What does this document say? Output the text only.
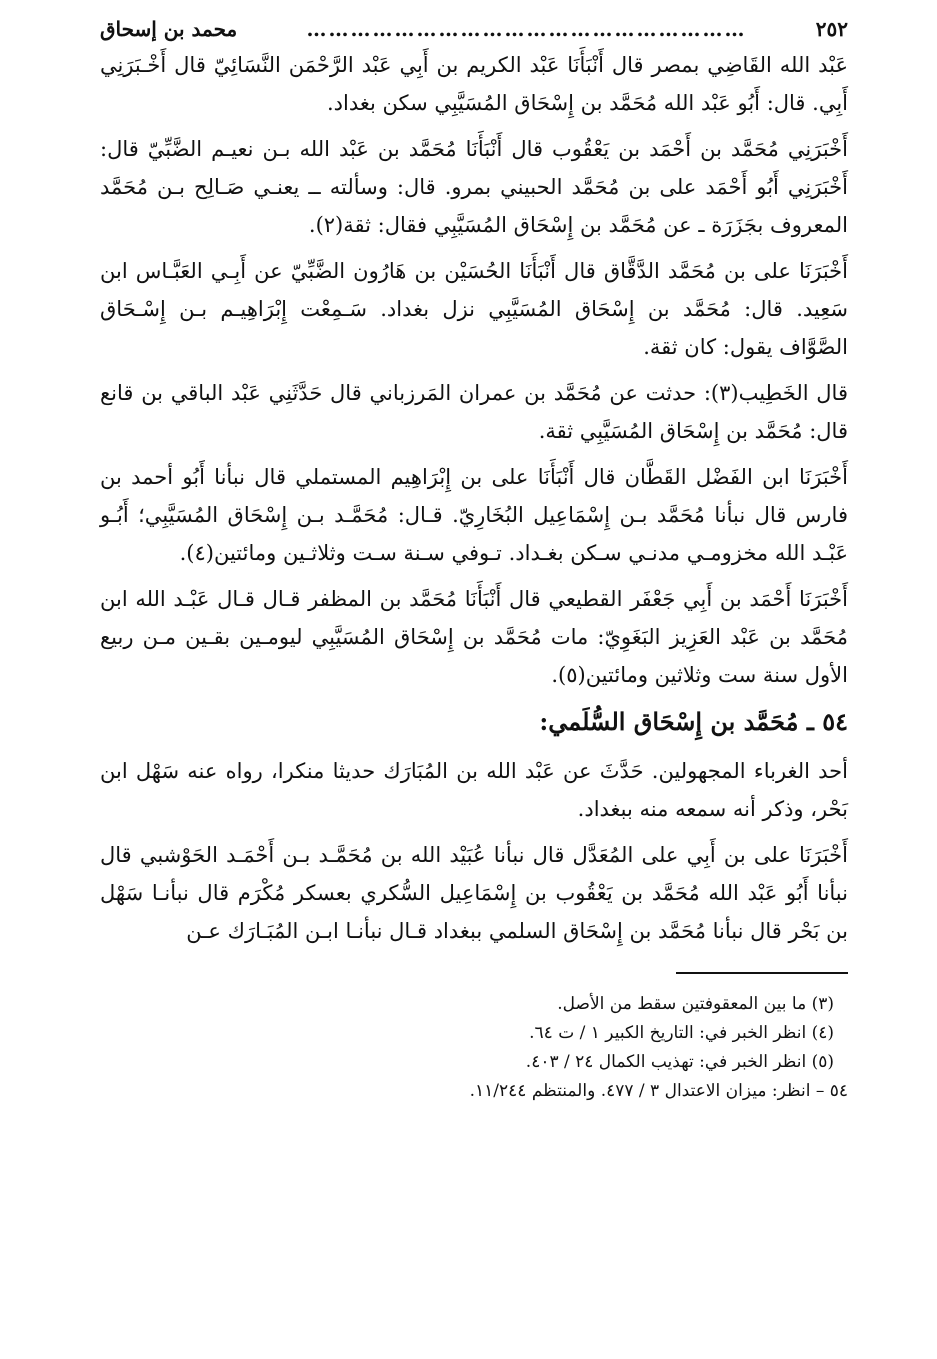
٢٥٢
……………………………………………………
محمد بن إسحاق

عَبْد الله القَاضِي بمصر قال أَنْبَأَنَا عَبْد الكريم بن أَبِي عَبْد الرَّحْمَن النَّسَائِيّ قال أَخْـبَرَنِي أَبِي. قال: أَبُو عَبْد الله مُحَمَّد بن إِسْحَاق المُسَيَّبِي سكن بغداد.

أَخْبَرَنِي مُحَمَّد بن أَحْمَد بن يَعْقُوب قال أَنْبَأَنَا مُحَمَّد بن عَبْد الله بـن نعيـم الضَّبِّيّ قال: أَخْبَرَنِي أَبُو أَحْمَد على بن مُحَمَّد الحبيني بمرو. قال: وسألته ــ يعنـي صَـالِح بـن مُحَمَّد المعروف بجَزَرَة ـ عن مُحَمَّد بن إِسْحَاق المُسَيَّبِي فقال: ثقة(٢).

أَخْبَرَنَا على بن مُحَمَّد الدَّقَّاق قال أَنْبَأَنَا الحُسَيْن بن هَارُون الضَّبِّيّ عن أَبِـي العَبَّـاس ابن سَعِيد. قال: مُحَمَّد بن إِسْحَاق المُسَيَّبِي نزل بغداد. سَـمِعْت إِبْرَاهِيـم بـن إِسْـحَاق الصَّوَّاف يقول: كان ثقة.

قال الخَطِيب(٣): حدثت عن مُحَمَّد بن عمران المَرزباني قال حَدَّثَنِي عَبْد الباقي بن قانع قال: مُحَمَّد بن إِسْحَاق المُسَيَّبِي ثقة.

أَخْبَرَنَا ابن الفَضْل القَطَّان قال أَنْبَأَنَا على بن إِبْرَاهِيم المستملي قال نبأنا أَبُو أحمد بن فارس قال نبأنا مُحَمَّد بـن إِسْمَاعِيل البُخَارِيّ. قـال: مُحَمَّـد بـن إِسْحَاق المُسَيَّبِي؛ أَبُـو عَبْـد الله مخزومـي مدنـي سـكن بغـداد. تـوفي سـنة سـت وثلاثـين ومائتين(٤).

أَخْبَرَنَا أَحْمَد بن أَبِي جَعْفَر القطيعي قال أَنْبَأَنَا مُحَمَّد بن المظفر قـال قـال عَبْـد الله ابن مُحَمَّد بن عَبْد العَزِيز البَغَوِيّ: مات مُحَمَّد بن إِسْحَاق المُسَيَّبِي ليومـين بقـين مـن ربيع الأول سنة ست وثلاثين ومائتين(٥).

٥٤ ـ مُحَمَّد بن إِسْحَاق السُّلَمي:

أحد الغرباء المجهولين. حَدَّثَ عن عَبْد الله بن المُبَارَك حديثا منكرا، رواه عنه سَهْل ابن بَحْر، وذكر أنه سمعه منه ببغداد.

أَخْبَرَنَا على بن أَبِي على المُعَدَّل قال نبأنا عُبَيْد الله بن مُحَمَّـد بـن أَحْمَـد الحَوْشبي قال نبأنا أَبُو عَبْد الله مُحَمَّد بن يَعْقُوب بن إِسْمَاعِيل السُّكري بعسكر مُكْرَم قال نبأنـا سَهْل بن بَحْر قال نبأنا مُحَمَّد بن إِسْحَاق السلمي ببغداد قـال نبأنـا ابـن المُبَـارَك عـن

(٣) ما بين المعقوفتين سقط من الأصل.

(٤) انظر الخبر في: التاريخ الكبير ١ / ت ٦٤.

(٥) انظر الخبر في: تهذيب الكمال ٢٤ / ٤٠٣.

٥٤ – انظر: ميزان الاعتدال ٣ / ٤٧٧. والمنتظم ١١/٢٤٤.
